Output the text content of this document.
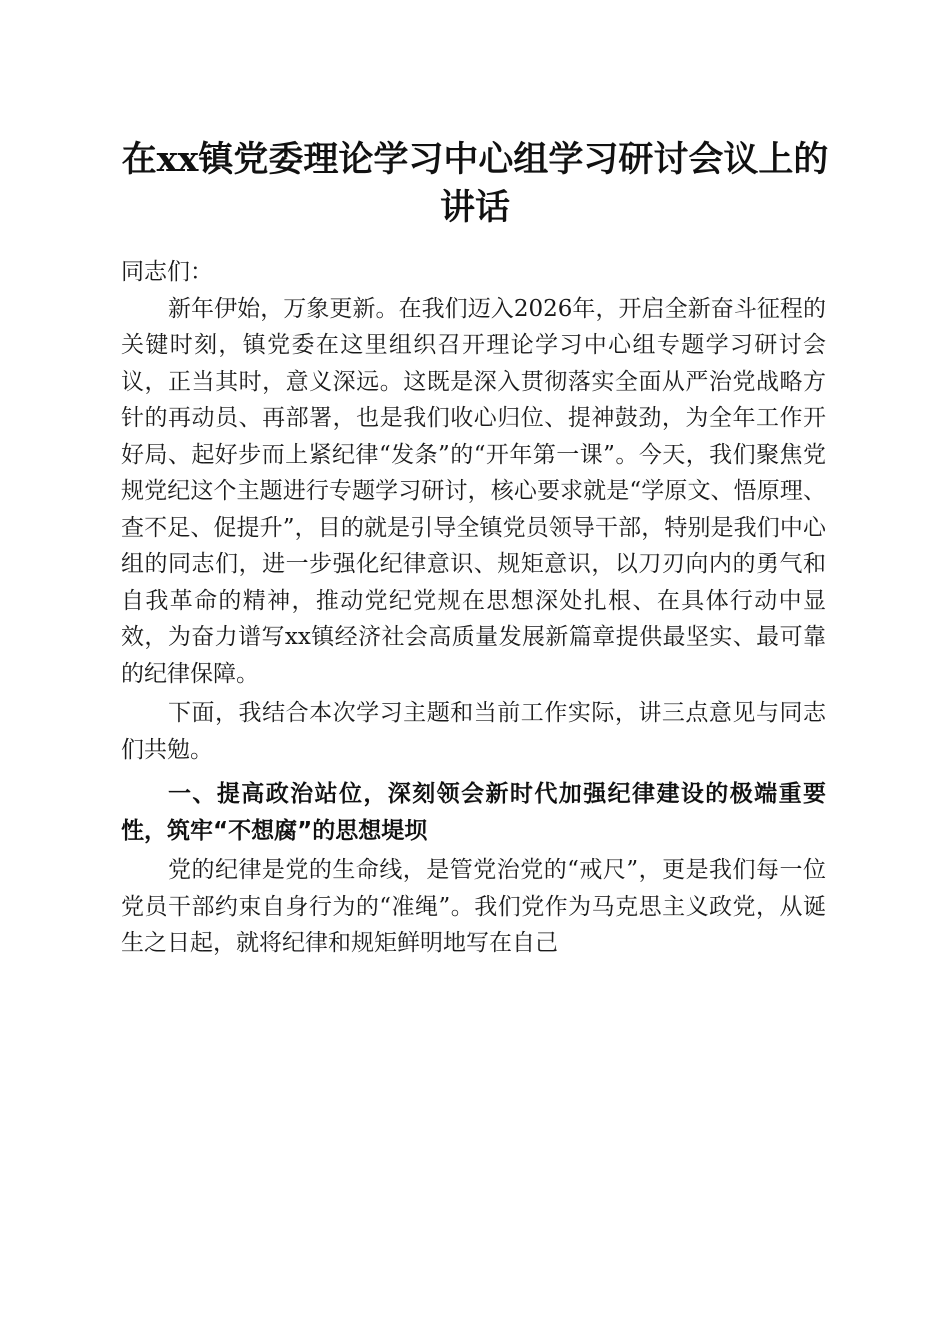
在xx镇党委理论学习中心组学习研讨会议上的讲话

同志们：

新年伊始，万象更新。在我们迈入2026年，开启全新奋斗征程的关键时刻，镇党委在这里组织召开理论学习中心组专题学习研讨会议，正当其时，意义深远。这既是深入贯彻落实全面从严治党战略方针的再动员、再部署，也是我们收心归位、提神鼓劲，为全年工作开好局、起好步而上紧纪律“发条”的“开年第一课”。今天，我们聚焦党规党纪这个主题进行专题学习研讨，核心要求就是“学原文、悟原理、查不足、促提升”，目的就是引导全镇党员领导干部，特别是我们中心组的同志们，进一步强化纪律意识、规矩意识，以刀刃向内的勇气和自我革命的精神，推动党纪党规在思想深处扎根、在具体行动中显效，为奋力谱写xx镇经济社会高质量发展新篇章提供最坚实、最可靠的纪律保障。

下面，我结合本次学习主题和当前工作实际，讲三点意见与同志们共勉。

一、提高政治站位，深刻领会新时代加强纪律建设的极端重要性，筑牢“不想腐”的思想堤坝

党的纪律是党的生命线，是管党治党的“戒尺”，更是我们每一位党员干部约束自身行为的“准绳”。我们党作为马克思主义政党，从诞生之日起，就将纪律和规矩鲜明地写在自己
